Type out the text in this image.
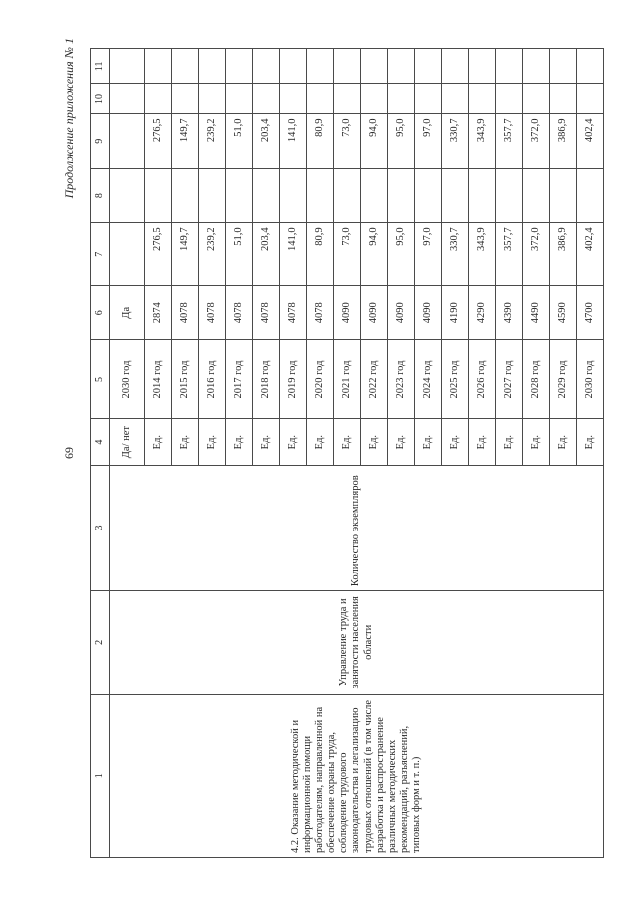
69
Продолжение приложения № 1
1	2	3	4	5	6	7	8	9	10	11
4.2. Оказание методической и информационной помощи работодателям, направленной на обеспечение охраны труда, соблюдение трудового законодательства и легализацию трудовых отношений (в том числе разработка и распространение различных методических рекомендаций, разъяснений, типовых форм и т. п.)	Управление труда и занятости населения области	Количество экземпляров	Да/ нет	2030 год	Да					
			Ед.	2014 год	2874	276,5		276,5		
			Ед.	2015 год	4078	149,7		149,7		
			Ед.	2016 год	4078	239,2		239,2		
			Ед.	2017 год	4078	51,0		51,0		
			Ед.	2018 год	4078	203,4		203,4		
			Ед.	2019 год	4078	141,0		141,0		
			Ед.	2020 год	4078	80,9		80,9		
			Ед.	2021 год	4090	73,0		73,0		
			Ед.	2022 год	4090	94,0		94,0		
			Ед.	2023 год	4090	95,0		95,0		
			Ед.	2024 год	4090	97,0		97,0		
			Ед.	2025 год	4190	330,7		330,7		
			Ед.	2026 год	4290	343,9		343,9		
			Ед.	2027 год	4390	357,7		357,7		
			Ед.	2028 год	4490	372,0		372,0		
			Ед.	2029 год	4590	386,9		386,9		
			Ед.	2030 год	4700	402,4		402,4		
